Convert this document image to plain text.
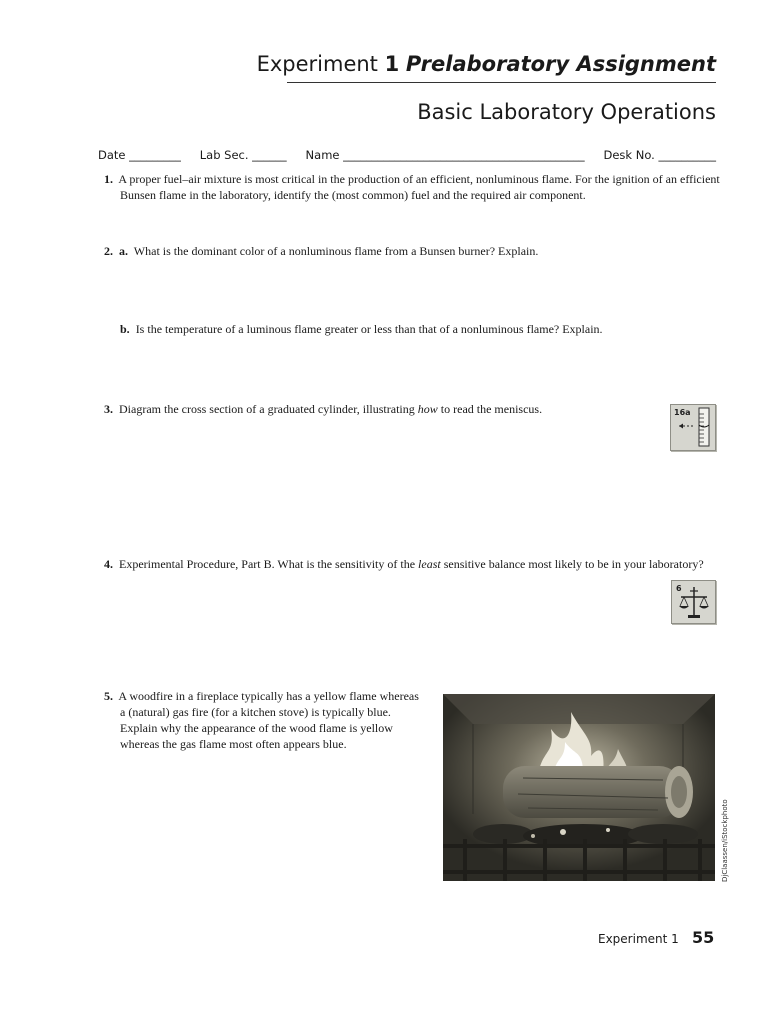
Experiment 1 Prelaboratory Assignment
Basic Laboratory Operations
Date _________ Lab Sec. ______ Name __________________________________________ Desk No. __________
1. A proper fuel–air mixture is most critical in the production of an efficient, nonluminous flame. For the ignition of an efficient Bunsen flame in the laboratory, identify the (most common) fuel and the required air component.
2. a. What is the dominant color of a nonluminous flame from a Bunsen burner? Explain.
b. Is the temperature of a luminous flame greater or less than that of a nonluminous flame? Explain.
3. Diagram the cross section of a graduated cylinder, illustrating how to read the meniscus.	16a
4. Experimental Procedure, Part B. What is the sensitivity of the least sensitive balance most likely to be in your laboratory?
6
5. A woodfire in a fireplace typically has a yellow flame whereas a (natural) gas fire (for a kitchen stove) is typically blue. Explain why the appearance of the wood flame is yellow whereas the gas flame most often appears blue.
DjClaassen/iStockphoto
Experiment 1 55
